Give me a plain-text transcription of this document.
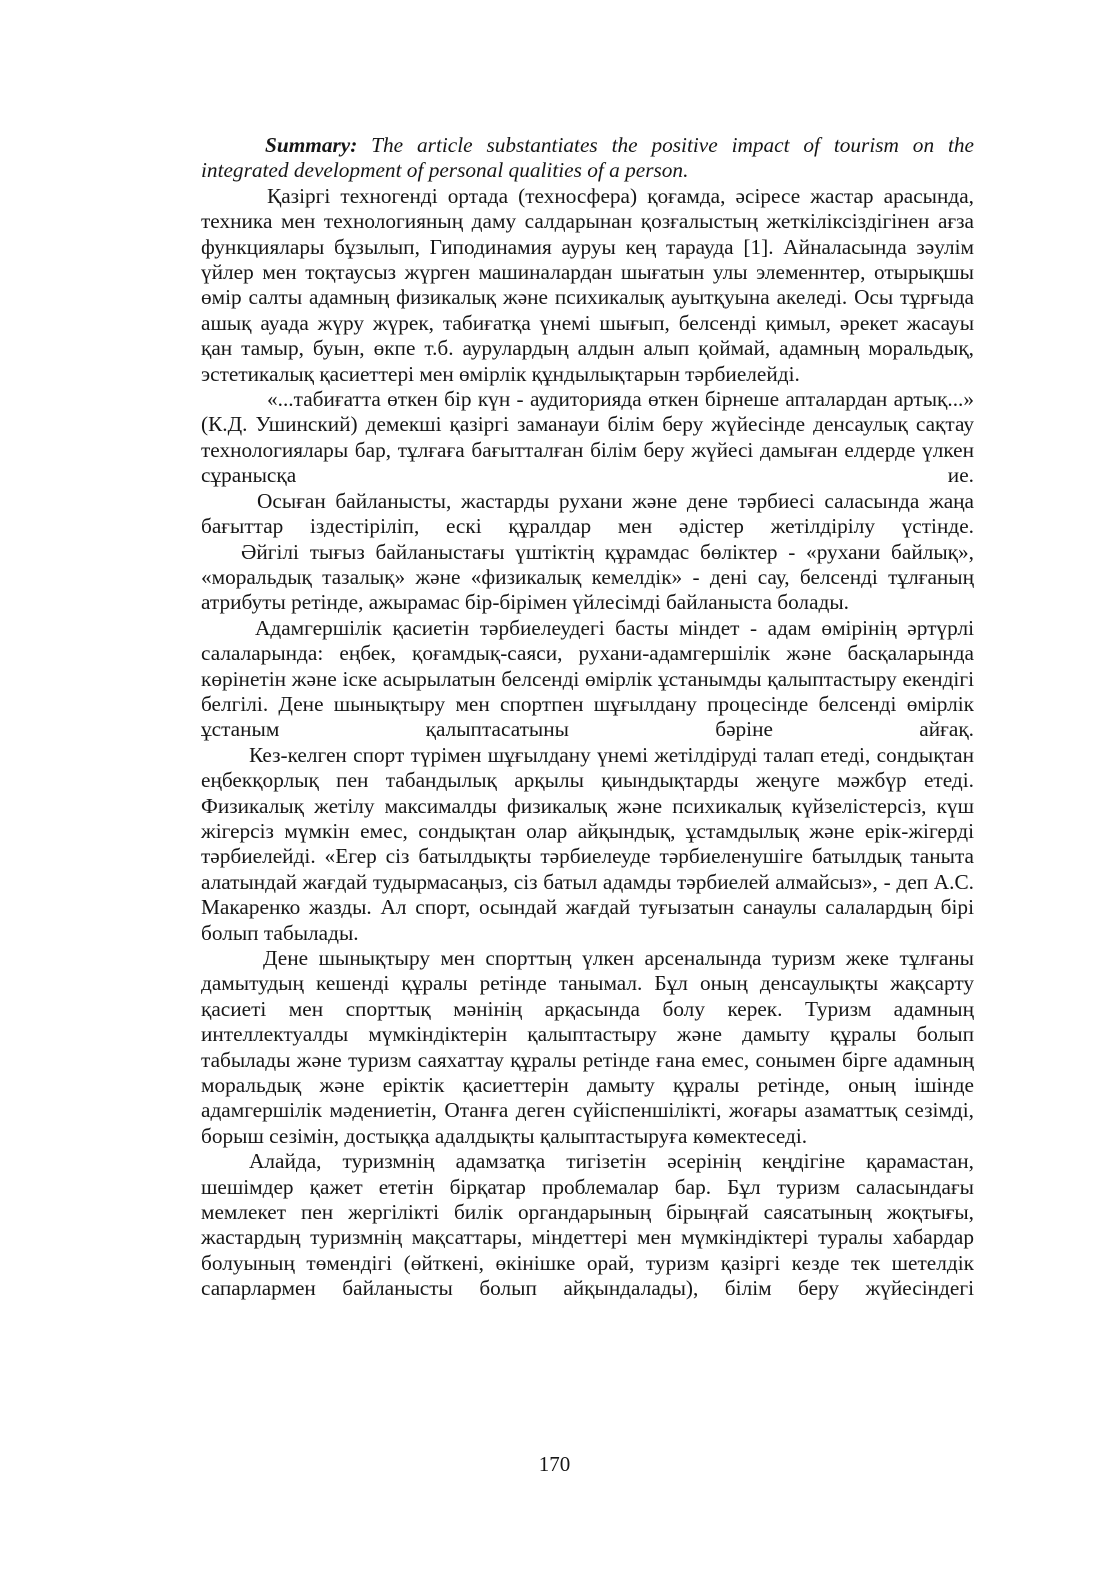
Summary: The article substantiates the positive impact of tourism on the integrated development of personal qualities of a person.

Қазіргі техногенді ортада (техносфера) қоғамда, әсіресе жастар арасында, техника мен технологияның даму салдарынан қозғалыстың жеткіліксіздігінен ағза функциялары бұзылып, Гиподинамия ауруы кең тарауда [1]. Айналасында зәулім үйлер мен тоқтаусыз жүрген машиналардан шығатын улы элеменнтер, отырықшы өмір салты адамның физикалық және психикалық ауытқуына акеледі. Осы тұрғыда ашық ауада жүру жүрек, табиғатқа үнемі шығып, белсенді қимыл, әрекет жасауы қан тамыр, буын, өкпе т.б. аурулардың алдын алып қоймай, адамның моральдық, эстетикалық қасиеттері мен өмірлік құндылықтарын тәрбиелейді.

«...табиғатта өткен бір күн - аудиторияда өткен бірнеше апталардан артық...» (К.Д. Ушинский) демекші қазіргі заманауи білім беру жүйесінде денсаулық сақтау технологиялары бар, тұлғаға бағытталған білім беру жүйесі дамыған елдерде үлкен сұранысқа ие.

Осыған байланысты, жастарды рухани және дене тәрбиесі саласында жаңа бағыттар іздестіріліп, ескі құралдар мен әдістер жетілдірілу үстінде.

Әйгілі тығыз байланыстағы үштіктің құрамдас бөліктер - «рухани байлық», «моральдық тазалық» және «физикалық кемелдік» - дені сау, белсенді тұлғаның атрибуты ретінде, ажырамас бір-бірімен үйлесімді байланыста болады.

Адамгершілік қасиетін тәрбиелеудегі басты міндет - адам өмірінің әртүрлі салаларында: еңбек, қоғамдық-саяси, рухани-адамгершілік және басқаларында көрінетін және іске асырылатын белсенді өмірлік ұстанымды қалыптастыру екендігі белгілі. Дене шынықтыру мен спортпен шұғылдану процесінде белсенді өмірлік ұстаным қалыптасатыны бәріне айғақ.

Кез-келген спорт түрімен шұғылдану үнемі жетілдіруді талап етеді, сондықтан еңбекқорлық пен табандылық арқылы қиындықтарды жеңуге мәжбүр етеді. Физикалық жетілу максималды физикалық және психикалық күйзелістерсіз, күш жігерсіз мүмкін емес, сондықтан олар айқындық, ұстамдылық және ерік-жігерді тәрбиелейді. «Егер сіз батылдықты тәрбиелеуде тәрбиеленушіге батылдық таныта алатындай жағдай тудырмасаңыз, сіз батыл адамды тәрбиелей алмайсыз», - деп А.С. Макаренко жазды. Ал спорт, осындай жағдай туғызатын санаулы салалардың бірі болып табылады.

Дене шынықтыру мен спорттың үлкен арсеналында туризм жеке тұлғаны дамытудың кешенді құралы ретінде танымал. Бұл оның денсаулықты жақсарту қасиеті мен спорттық мәнінің арқасында болу керек. Туризм адамның интеллектуалды мүмкіндіктерін қалыптастыру және дамыту құралы болып табылады және туризм саяхаттау құралы ретінде ғана емес, сонымен бірге адамның моральдық және еріктік қасиеттерін дамыту құралы ретінде, оның ішінде адамгершілік мәдениетін, Отанға деген сүйіспеншілікті, жоғары азаматтық сезімді, борыш сезімін, достыққа адалдықты қалыптастыруға көмектеседі.

Алайда, туризмнің адамзатқа тигізетін әсерінің кеңдігіне қарамастан, шешімдер қажет ететін бірқатар проблемалар бар. Бұл туризм саласындағы мемлекет пен жергілікті билік органдарының бірыңғай саясатының жоқтығы, жастардың туризмнің мақсаттары, міндеттері мен мүмкіндіктері туралы хабардар болуының төмендігі (өйткені, өкінішке орай, туризм қазіргі кезде тек шетелдік сапарлармен байланысты болып айқындалады), білім беру жүйесіндегі

170
